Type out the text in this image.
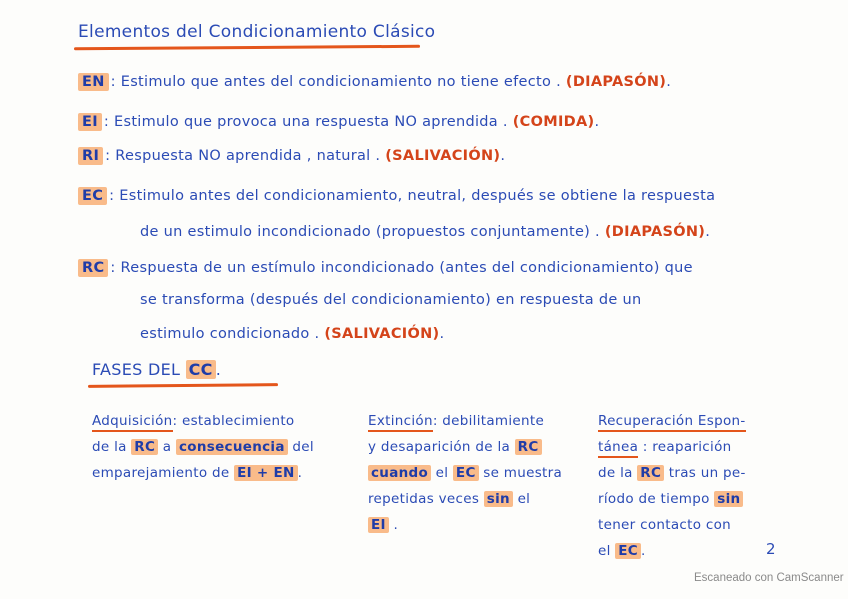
Elementos del Condicionamiento Clásico
EN : Estimulo que antes del condicionamiento no tiene efecto . (DIAPASÓN).
EI : Estimulo que provoca una respuesta NO aprendida . (COMIDA).
RI : Respuesta NO aprendida , natural . (SALIVACIÓN).
EC : Estimulo antes del condicionamiento, neutral, después se obtiene la respuesta
de un estimulo incondicionado (propuestos conjuntamente) . (DIAPASÓN).
RC : Respuesta de un estímulo incondicionado (antes del condicionamiento) que
se transforma (después del condicionamiento) en respuesta de un
estimulo condicionado . (SALIVACIÓN).
FASES DEL CC .
Adquisición: establecimiento
de la RC a consecuencia del
emparejamiento de EI + EN .
Extinción: debilitamiente
y desaparición de la RC
cuando el EC se muestra
repetidas veces sin el
EI .
Recuperación Espon-
tánea : reaparición
de la RC tras un pe-
ríodo de tiempo sin
tener contacto con
el EC .	2
Escaneado con CamScanner
